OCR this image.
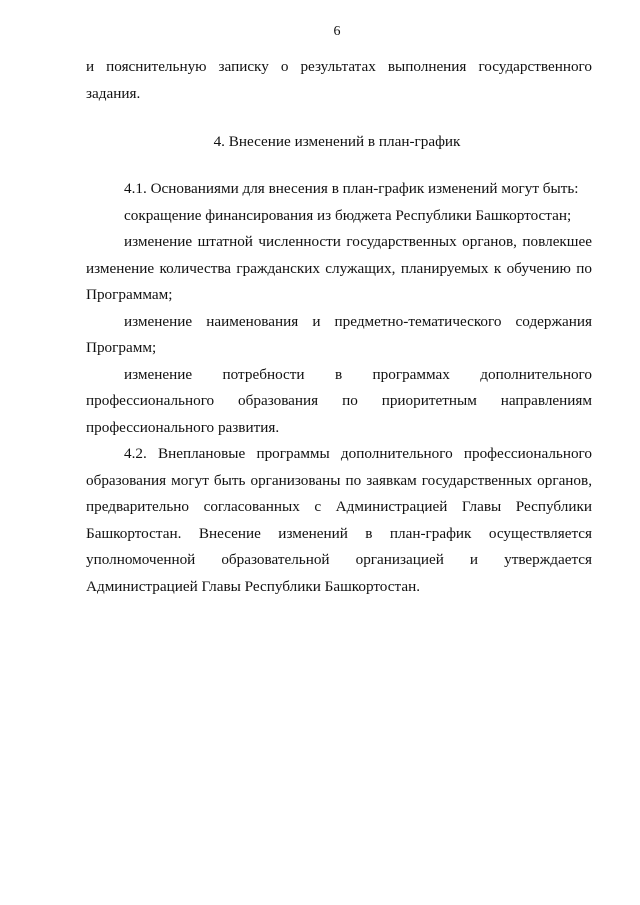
6
и пояснительную записку о результатах выполнения государственного
задания.
4. Внесение изменений в план-график
4.1. Основаниями для внесения в план-график изменений могут быть:
сокращение финансирования из бюджета Республики Башкортостан;
изменение штатной численности государственных органов, повлекшее
изменение количества гражданских служащих, планируемых к обучению по
Программам;
изменение наименования и предметно-тематического содержания
Программ;
изменение потребности в программах дополнительного
профессионального образования по приоритетным направлениям
профессионального развития.
4.2. Внеплановые программы дополнительного профессионального
образования могут быть организованы по заявкам государственных органов,
предварительно согласованных с Администрацией Главы Республики
Башкортостан. Внесение изменений в план-график осуществляется
уполномоченной образовательной организацией и утверждается
Администрацией Главы Республики Башкортостан.
